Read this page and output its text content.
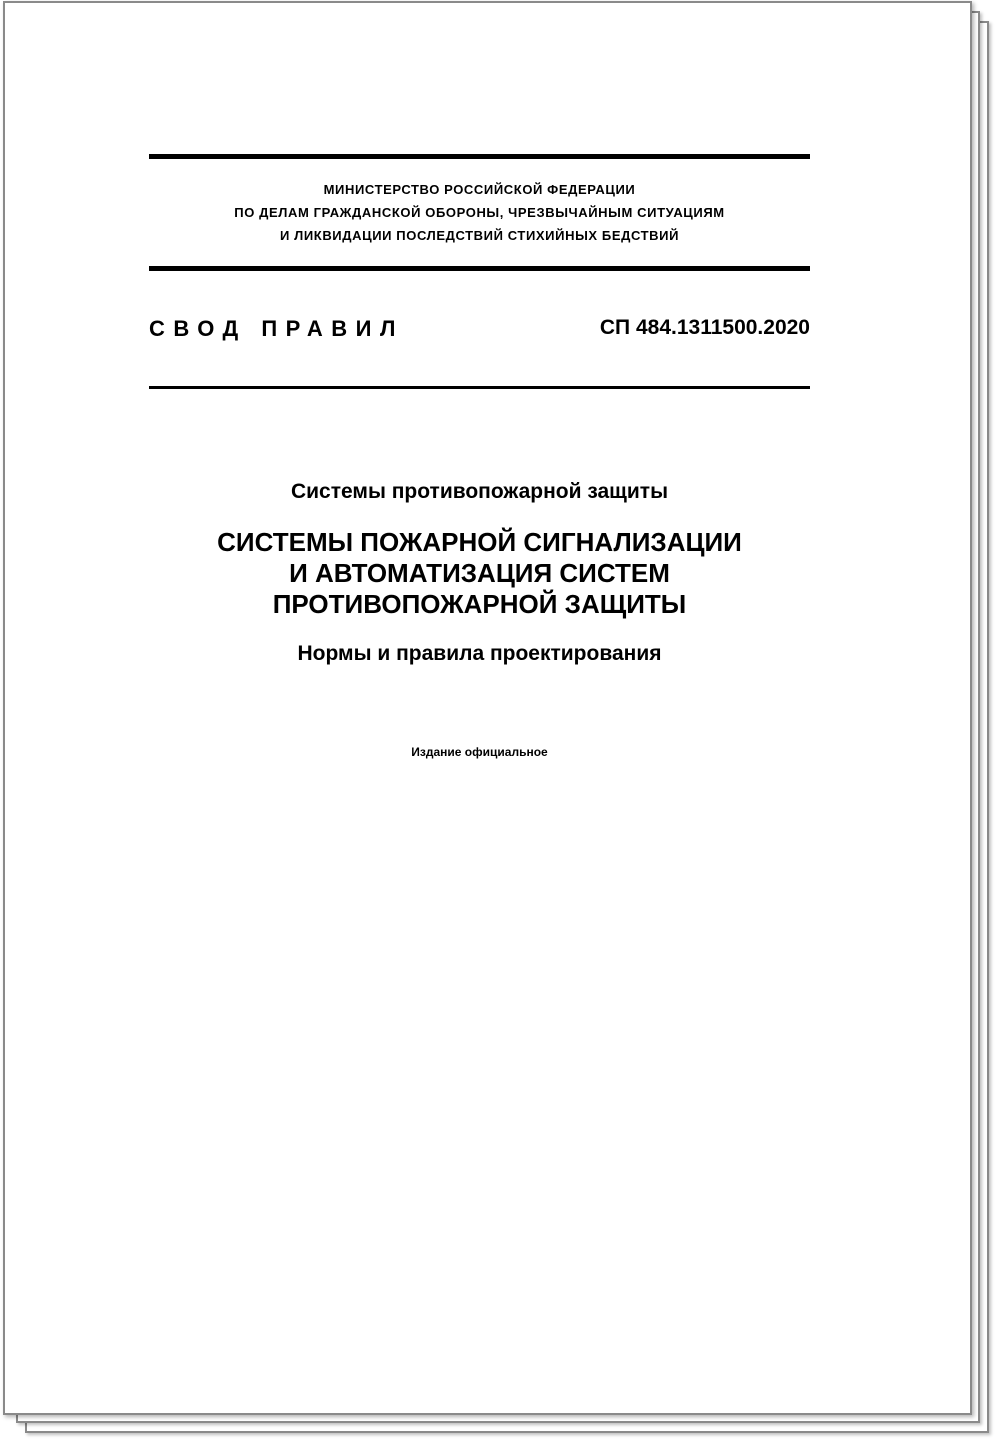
МИНИСТЕРСТВО РОССИЙСКОЙ ФЕДЕРАЦИИ
ПО ДЕЛАМ ГРАЖДАНСКОЙ ОБОРОНЫ, ЧРЕЗВЫЧАЙНЫМ СИТУАЦИЯМ
И ЛИКВИДАЦИИ ПОСЛЕДСТВИЙ СТИХИЙНЫХ БЕДСТВИЙ
СВОД ПРАВИЛ	СП 484.1311500.2020
Системы противопожарной защиты
СИСТЕМЫ ПОЖАРНОЙ СИГНАЛИЗАЦИИ
И АВТОМАТИЗАЦИЯ СИСТЕМ
ПРОТИВОПОЖАРНОЙ ЗАЩИТЫ
Нормы и правила проектирования
Издание официальное
